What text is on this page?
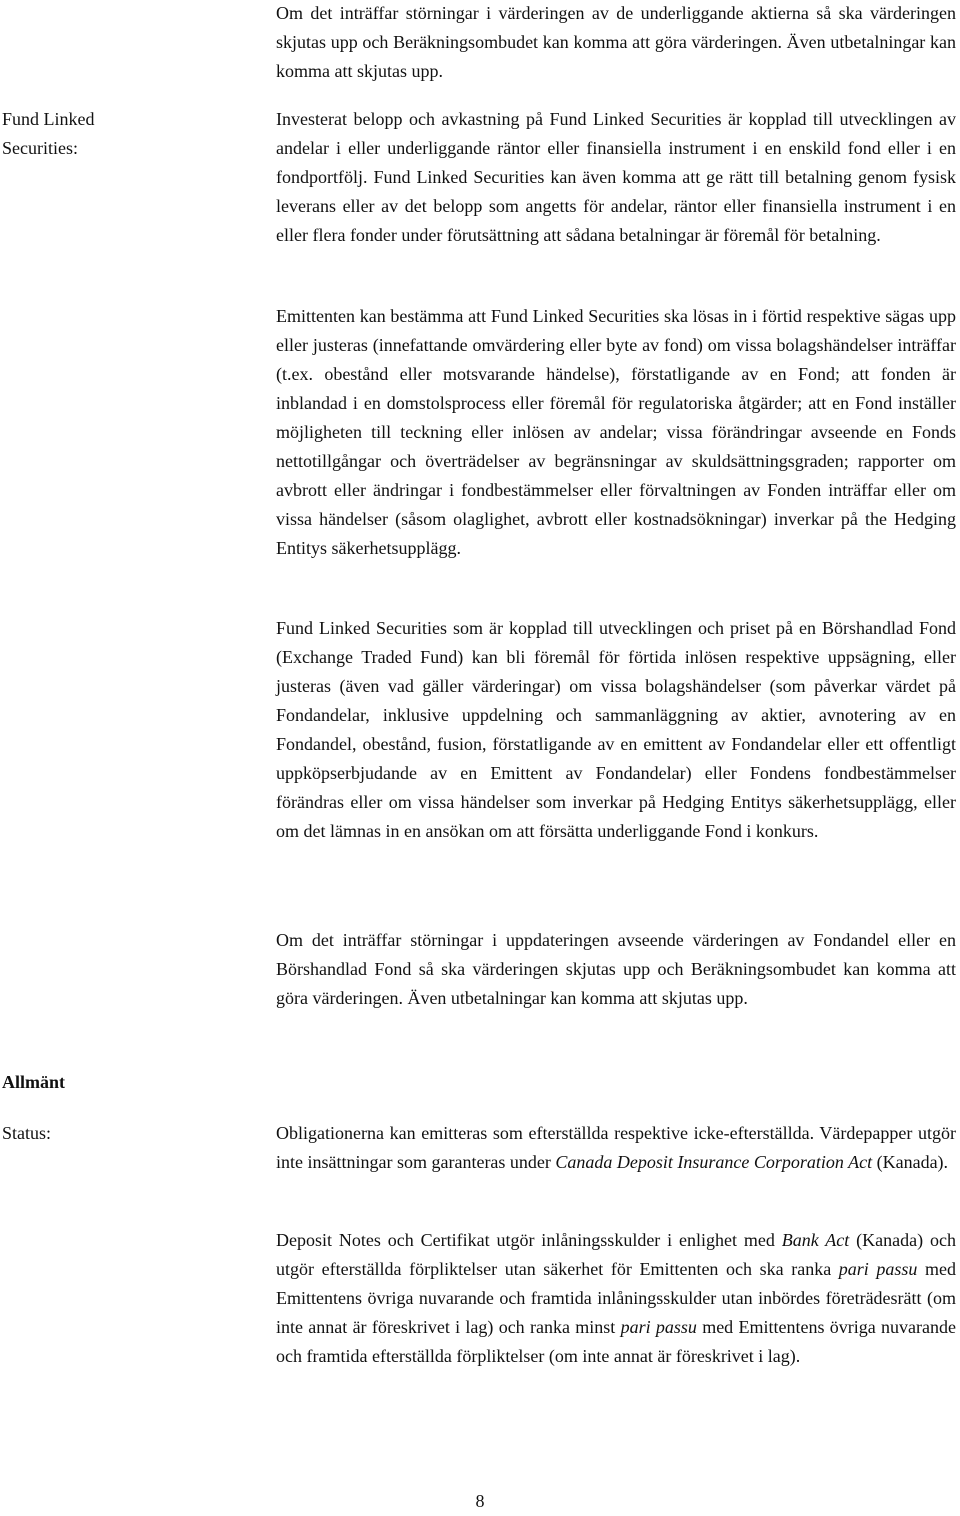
Om det inträffar störningar i värderingen av de underliggande aktierna så ska värderingen skjutas upp och Beräkningsombudet kan komma att göra värderingen. Även utbetalningar kan komma att skjutas upp.

Fund Linked
Securities:

Investerat belopp och avkastning på Fund Linked Securities är kopplad till utvecklingen av andelar i eller underliggande räntor eller finansiella instrument i en enskild fond eller i en fondportfölj. Fund Linked Securities kan även komma att ge rätt till betalning genom fysisk leverans eller av det belopp som angetts för andelar, räntor eller finansiella instrument i en eller flera fonder under förutsättning att sådana betalningar är föremål för betalning.

Emittenten kan bestämma att Fund Linked Securities ska lösas in i förtid respektive sägas upp eller justeras (innefattande omvärdering eller byte av fond) om vissa bolagshändelser inträffar (t.ex. obestånd eller motsvarande händelse), förstatligande av en Fond; att fonden är inblandad i en domstolsprocess eller föremål för regulatoriska åtgärder; att en Fond inställer möjligheten till teckning eller inlösen av andelar; vissa förändringar avseende en Fonds nettotillgångar och överträdelser av begränsningar av skuldsättningsgraden; rapporter om avbrott eller ändringar i fondbestämmelser eller förvaltningen av Fonden inträffar eller om vissa händelser (såsom olaglighet, avbrott eller kostnadsökningar) inverkar på the Hedging Entitys säkerhetsupplägg.

Fund Linked Securities som är kopplad till utvecklingen och priset på en Börshandlad Fond (Exchange Traded Fund) kan bli föremål för förtida inlösen respektive uppsägning, eller justeras (även vad gäller värderingar) om vissa bolagshändelser (som påverkar värdet på Fondandelar, inklusive uppdelning och sammanläggning av aktier, avnotering av en Fondandel, obestånd, fusion, förstatligande av en emittent av Fondandelar eller ett offentligt uppköpserbjudande av en Emittent av Fondandelar) eller Fondens fondbestämmelser förändras eller om vissa händelser som inverkar på Hedging Entitys säkerhetsupplägg, eller om det lämnas in en ansökan om att försätta underliggande Fond i konkurs.

Om det inträffar störningar i uppdateringen avseende värderingen av Fondandel eller en Börshandlad Fond så ska värderingen skjutas upp och Beräkningsombudet kan komma att göra värderingen. Även utbetalningar kan komma att skjutas upp.

Allmänt
Status:	Obligationerna kan emitteras som efterställda respektive icke-efterställda. Värdepapper utgör inte insättningar som garanteras under Canada Deposit Insurance Corporation Act (Kanada).

Deposit Notes och Certifikat utgör inlåningsskulder i enlighet med Bank Act (Kanada) och utgör efterställda förpliktelser utan säkerhet för Emittenten och ska ranka pari passu med Emittentens övriga nuvarande och framtida inlåningsskulder utan inbördes företrädesrätt (om inte annat är föreskrivet i lag) och ranka minst pari passu med Emittentens övriga nuvarande och framtida efterställda förpliktelser (om inte annat är föreskrivet i lag).

8
